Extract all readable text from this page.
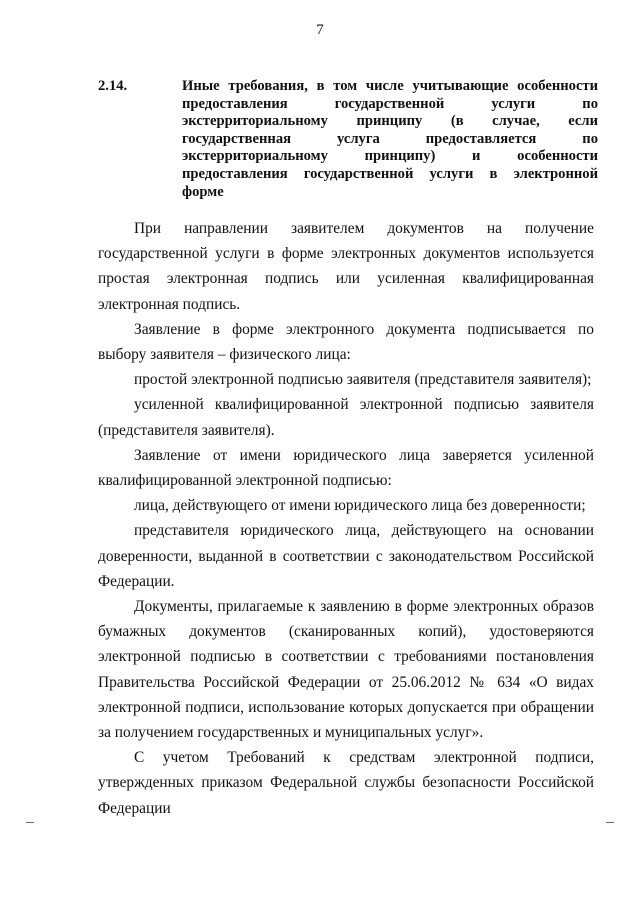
7
2.14.	Иные требования, в том числе учитывающие особенности предоставления государственной услуги по экстерриториальному принципу (в случае, если государственная услуга предоставляется по экстерриториальному принципу) и особенности предоставления государственной услуги в электронной
форме

При направлении заявителем документов на получение государственной услуги в форме электронных документов используется простая электронная подпись или усиленная квалифицированная электронная подпись.

Заявление в форме электронного документа подписывается по выбору заявителя – физического лица:

простой электронной подписью заявителя (представителя заявителя);

усиленной квалифицированной электронной подписью заявителя (представителя заявителя).

Заявление от имени юридического лица заверяется усиленной квалифицированной электронной подписью:

лица, действующего от имени юридического лица без доверенности;

представителя юридического лица, действующего на основании доверенности, выданной в соответствии с законодательством Российской Федерации.

Документы, прилагаемые к заявлению в форме электронных образов бумажных документов (сканированных копий), удостоверяются электронной подписью в соответствии с требованиями постановления Правительства Российской Федерации от 25.06.2012 № 634 «О видах электронной подписи, использование которых допускается при обращении за получением государственных и муниципальных услуг».

С учетом Требований к средствам электронной подписи, утвержденных приказом Федеральной службы безопасности Российской Федерации
